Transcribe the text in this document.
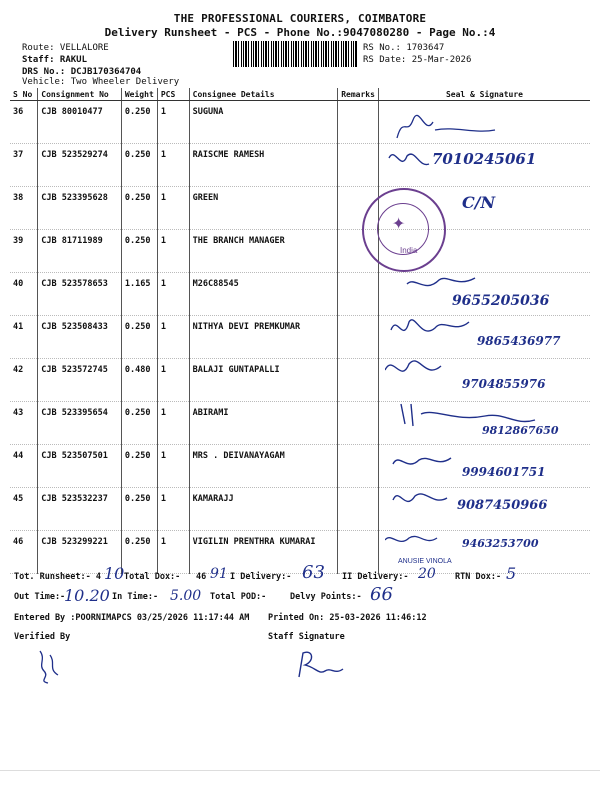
THE PROFESSIONAL COURIERS, COIMBATORE
Delivery Runsheet - PCS - Phone No.:9047080280 - Page No.:4
Route: VELLALORE
Staff: RAKUL
DRS No.: DCJB170364704
Vehicle: Two Wheeler Delivery
RS No.: 1703647
RS Date: 25-Mar-2026
S No	Consignment No	Weight	PCS	Consignee Details	Remarks	Seal & Signature
36	CJB 80010477	0.250	1	SUGUNA		
37	CJB 523529274	0.250	1	RAISCME RAMESH		7010245061
38	CJB 523395628	0.250	1	GREEN		C/N
39	CJB 81711989	0.250	1	THE BRANCH MANAGER		
40	CJB 523578653	1.165	1	M26C88545		9655205036
41	CJB 523508433	0.250	1	NITHYA DEVI PREMKUMAR		9865436977
42	CJB 523572745	0.480	1	BALAJI GUNTAPALLI		9704855976
43	CJB 523395654	0.250	1	ABIRAMI		9812867650
44	CJB 523507501	0.250	1	MRS . DEIVANAYAGAM		9994601751
45	CJB 523532237	0.250	1	KAMARAJJ		9087450966
46	CJB 523299221	0.250	1	VIGILIN PRENTHRA KUMARAI		9463253700
✦
India
ANUSIE VINOLA
Tot. Runsheet:- 4 10 Total Dox:- 46 91 I Delivery:- 63 II Delivery:- 20 RTN Dox:- 5
Out Time:-
10.20 In Time:- 5.00 Total POD:-	Delvy Points:- 66
Entered By :POORNIMAPCS 03/25/2026 11:17:44 AM Printed On: 25-03-2026 11:46:12
Verified By	Staff Signature
